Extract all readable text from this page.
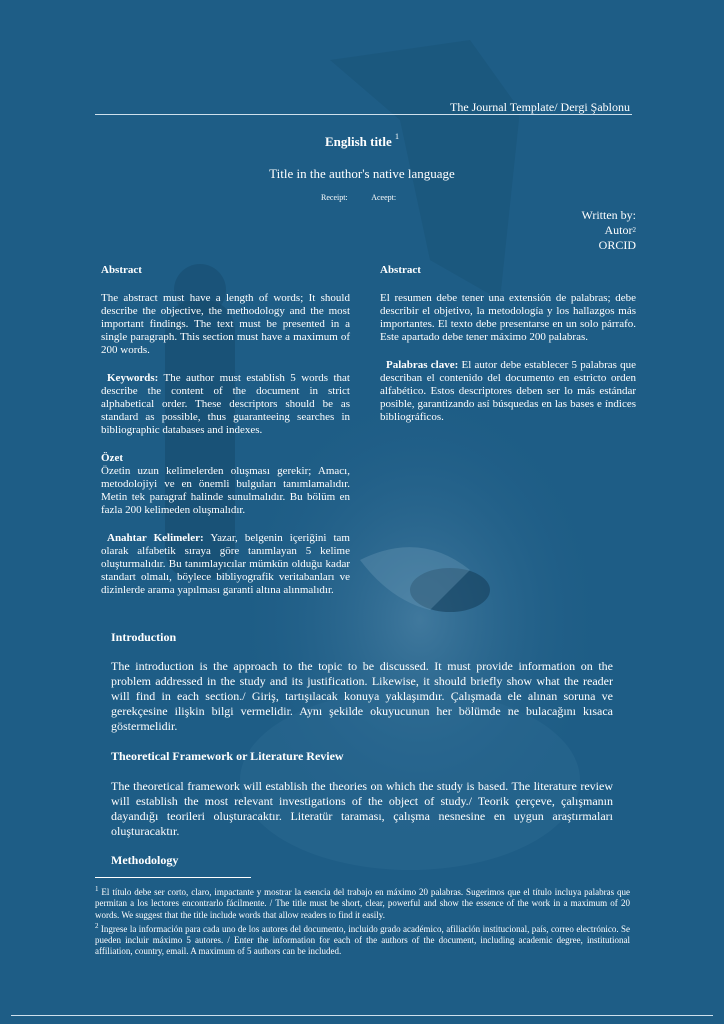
The Journal Template/ Dergi Şablonu
English title $^1$
Title in the author's native language
Receipt:	Aceept:
Written by:
Autor$^2$
ORCID
Abstract

The abstract must have a length of words; It should describe the objective, the methodology and the most important findings. The text must be presented in a single paragraph. This section must have a maximum of 200 words.

Keywords: The author must establish 5 words that describe the content of the document in strict alphabetical order. These descriptors should be as standard as possible, thus guaranteeing searches in bibliographic databases and indexes.

Özet

Özetin uzun kelimelerden oluşması gerekir; Amacı, metodolojiyi ve en önemli bulguları tanımlamalıdır. Metin tek paragraf halinde sunulmalıdır. Bu bölüm en fazla 200 kelimeden oluşmalıdır.

Anahtar Kelimeler: Yazar, belgenin içeriğini tam olarak alfabetik sıraya göre tanımlayan 5 kelime oluşturmalıdır. Bu tanımlayıcılar mümkün olduğu kadar standart olmalı, böylece bibliyografik veritabanları ve dizinlerde arama yapılması garanti altına alınmalıdır.

Abstract

El resumen debe tener una extensión de palabras; debe describir el objetivo, la metodología y los hallazgos más importantes. El texto debe presentarse en un solo párrafo. Este apartado debe tener máximo 200 palabras.

Palabras clave: El autor debe establecer 5 palabras que describan el contenido del documento en estricto orden alfabético. Estos descriptores deben ser lo más estándar posible, garantizando así búsquedas en las bases e índices bibliográficos.

Introduction
The introduction is the approach to the topic to be discussed. It must provide information on the problem addressed in the study and its justification. Likewise, it should briefly show what the reader will find in each section./ Giriş, tartışılacak konuya yaklaşımdır. Çalışmada ele alınan soruna ve gerekçesine ilişkin bilgi vermelidir. Aynı şekilde okuyucunun her bölümde ne bulacağını kısaca göstermelidir.
Theoretical Framework or Literature Review
The theoretical framework will establish the theories on which the study is based. The literature review will establish the most relevant investigations of the object of study./ Teorik çerçeve, çalışmanın dayandığı teorileri oluşturacaktır. Literatür taraması, çalışma nesnesine en uygun araştırmaları oluşturacaktır.
Methodology
$^1$ El título debe ser corto, claro, impactante y mostrar la esencia del trabajo en máximo 20 palabras. Sugerimos que el título incluya palabras que permitan a los lectores encontrarlo fácilmente. / The title must be short, clear, powerful and show the essence of the work in a maximum of 20 words. We suggest that the title include words that allow readers to find it easily.
$^2$ Ingrese la información para cada uno de los autores del documento, incluido grado académico, afiliación institucional, país, correo electrónico. Se pueden incluir máximo 5 autores. / Enter the information for each of the authors of the document, including academic degree, institutional affiliation, country, email. A maximum of 5 authors can be included.
